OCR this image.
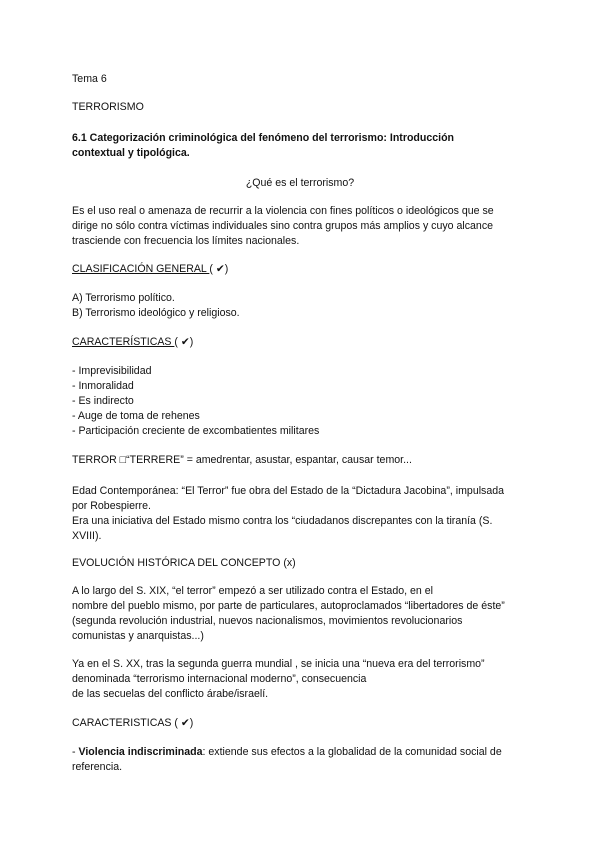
Tema 6

TERRORISMO

6.1 Categorización criminológica del fenómeno del terrorismo: Introducción

contextual y tipológica.

¿Qué es el terrorismo?

Es el uso real o amenaza de recurrir a la violencia con fines políticos o ideológicos que se

dirige no sólo contra víctimas individuales sino contra grupos más amplios y cuyo alcance

trasciende con frecuencia los límites nacionales.

CLASIFICACIÓN GENERAL ( ✔)

A) Terrorismo político.

B) Terrorismo ideológico y religioso.

CARACTERÍSTICAS ( ✔)

- Imprevisibilidad

- Inmoralidad

- Es indirecto

- Auge de toma de rehenes

- Participación creciente de excombatientes militares

TERROR □“TERRERE” = amedrentar, asustar, espantar, causar temor...

Edad Contemporánea: “El Terror” fue obra del Estado de la “Dictadura Jacobina”, impulsada

por Robespierre.

Era una iniciativa del Estado mismo contra los “ciudadanos discrepantes con la tiranía (S.

XVIII).

EVOLUCIÓN HISTÓRICA DEL CONCEPTO (x)

A lo largo del S. XIX, “el terror” empezó a ser utilizado contra el Estado, en el

nombre del pueblo mismo, por parte de particulares, autoproclamados “libertadores de éste”

(segunda revolución industrial, nuevos nacionalismos, movimientos revolucionarios

comunistas y anarquistas...)

Ya en el S. XX, tras la segunda guerra mundial , se inicia una “nueva era del terrorismo”

denominada “terrorismo internacional moderno”, consecuencia

de las secuelas del conflicto árabe/israelí.

CARACTERISTICAS ( ✔)

- Violencia indiscriminada: extiende sus efectos a la globalidad de la comunidad social de

referencia.
